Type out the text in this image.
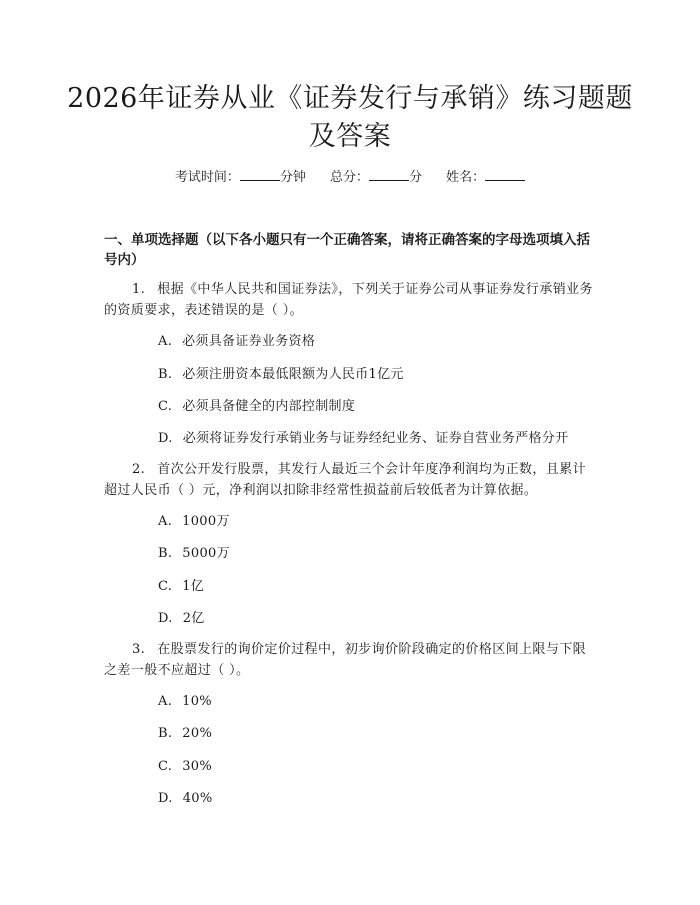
2026年证券从业《证券发行与承销》练习题题及答案
考试时间：	分钟 总分：	分 姓名：
一、单项选择题（以下各小题只有一个正确答案，请将正确答案的字母选项填入括号内）
1. 根据《中华人民共和国证券法》，下列关于证券公司从事证券发行承销业务的资质要求，表述错误的是（ ）。
A. 必须具备证券业务资格
B. 必须注册资本最低限额为人民币1亿元
C. 必须具备健全的内部控制制度
D. 必须将证券发行承销业务与证券经纪业务、证券自营业务严格分开
2. 首次公开发行股票，其发行人最近三个会计年度净利润均为正数，且累计超过人民币（ ）元，净利润以扣除非经常性损益前后较低者为计算依据。
A. 1000万
B. 5000万
C. 1亿
D. 2亿
3. 在股票发行的询价定价过程中，初步询价阶段确定的价格区间上限与下限之差一般不应超过（ ）。
A. 10%
B. 20%
C. 30%
D. 40%
